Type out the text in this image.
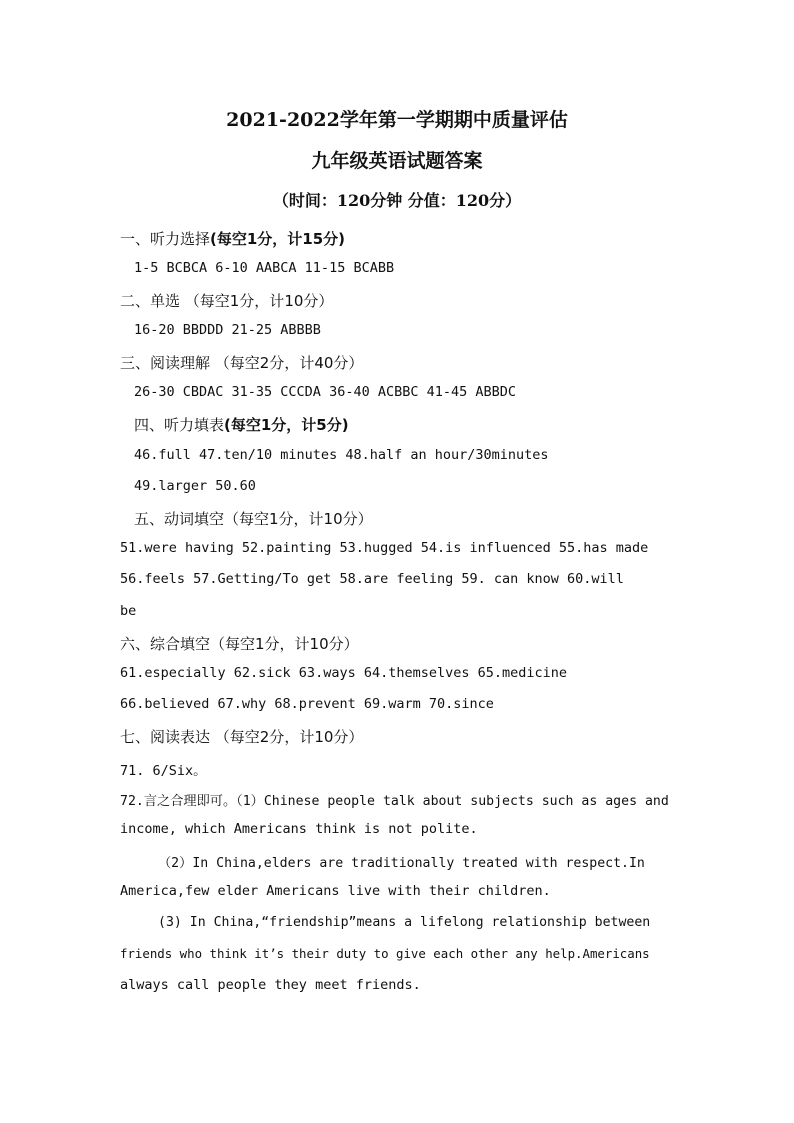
2021-2022学年第一学期期中质量评估

九年级英语试题答案

（时间：120分钟 分值：120分）

一、听力选择(每空1分，计15分)

1-5 BCBCA 6-10 AABCA 11-15 BCABB

二、单选 （每空1分，计10分）

16-20 BBDDD 21-25 ABBBB

三、阅读理解 （每空2分，计40分）

26-30 CBDAC 31-35 CCCDA 36-40 ACBBC 41-45 ABBDC

四、听力填表(每空1分，计5分)

46.full 47.ten/10 minutes 48.half an hour/30minutes

49.larger 50.60

五、动词填空（每空1分，计10分）

51.were having 52.painting 53.hugged 54.is influenced 55.has made

56.feels 57.Getting/To get 58.are feeling 59. can know 60.will

be

六、综合填空（每空1分，计10分）

61.especially 62.sick 63.ways 64.themselves 65.medicine

66.believed 67.why 68.prevent 69.warm 70.since

七、阅读表达 （每空2分，计10分）

71. 6/Six。

72.言之合理即可。（1）Chinese people talk about subjects such as ages and

income, which Americans think is not polite.

（2）In China,elders are traditionally treated with respect.In

America,few elder Americans live with their children.

(3) In China,“friendship”means a lifelong relationship between

friends who think it’s their duty to give each other any help.Americans

always call people they meet friends.
